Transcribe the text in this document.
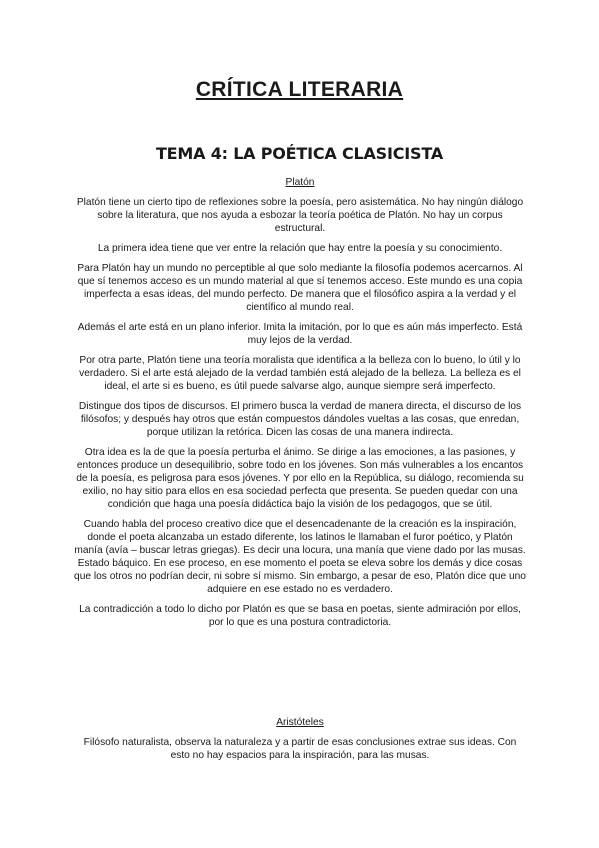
CRÍTICA LITERARIA
TEMA 4: LA POÉTICA CLASICISTA
Platón

Platón tiene un cierto tipo de reflexiones sobre la poesía, pero asistemática. No hay ningún diálogo sobre la literatura, que nos ayuda a esbozar la teoría poética de Platón. No hay un corpus estructural.

La primera idea tiene que ver entre la relación que hay entre la poesía y su conocimiento.

Para Platón hay un mundo no perceptible al que solo mediante la filosofía podemos acercarnos. Al que sí tenemos acceso es un mundo material al que sí tenemos acceso. Este mundo es una copia imperfecta a esas ideas, del mundo perfecto. De manera que el filosófico aspira a la verdad y el científico al mundo real.

Además el arte está en un plano inferior. Imita la imitación, por lo que es aún más imperfecto. Está muy lejos de la verdad.

Por otra parte, Platón tiene una teoría moralista que identifica a la belleza con lo bueno, lo útil y lo verdadero. Si el arte está alejado de la verdad también está alejado de la belleza. La belleza es el ideal, el arte si es bueno, es útil puede salvarse algo, aunque siempre será imperfecto.

Distingue dos tipos de discursos. El primero busca la verdad de manera directa, el discurso de los filósofos; y después hay otros que están compuestos dándoles vueltas a las cosas, que enredan, porque utilizan la retórica. Dicen las cosas de una manera indirecta.

Otra idea es la de que la poesía perturba el ánimo. Se dirige a las emociones, a las pasiones, y entonces produce un desequilibrio, sobre todo en los jóvenes. Son más vulnerables a los encantos de la poesía, es peligrosa para esos jóvenes. Y por ello en la República, su diálogo, recomienda su exilio, no hay sitio para ellos en esa sociedad perfecta que presenta. Se pueden quedar con una condición que haga una poesía didáctica bajo la visión de los pedagogos, que se útil.

Cuando habla del proceso creativo dice que el desencadenante de la creación es la inspiración, donde el poeta alcanzaba un estado diferente, los latinos le llamaban el furor poético, y Platón manía (avía – buscar letras griegas). Es decir una locura, una manía que viene dado por las musas. Estado báquico. En ese proceso, en ese momento el poeta se eleva sobre los demás y dice cosas que los otros no podrían decir, ni sobre sí mismo. Sin embargo, a pesar de eso, Platón dice que uno adquiere en ese estado no es verdadero.

La contradicción a todo lo dicho por Platón es que se basa en poetas, siente admiración por ellos, por lo que es una postura contradictoria.

Aristóteles

Filósofo naturalista, observa la naturaleza y a partir de esas conclusiones extrae sus ideas. Con esto no hay espacios para la inspiración, para las musas.
